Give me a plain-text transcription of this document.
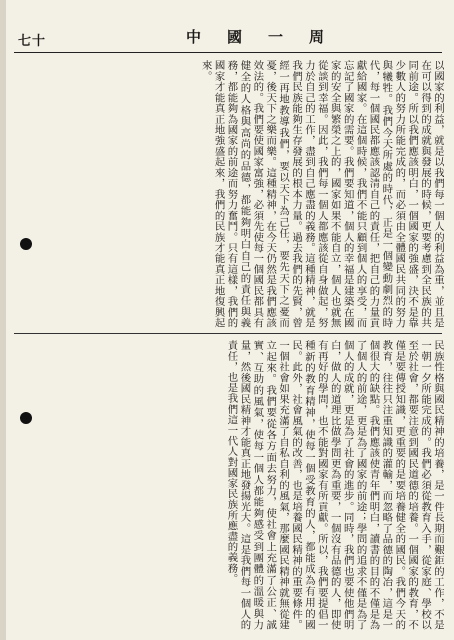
七十	中國一周
以國家的利益，就是以我們每一個人的利益為重，並且是在可以得到的成就與發展的時候，更要考慮到全民族的共同前途。所以我們應該明白，一個國家的強盛，決不是靠少數人的努力所能完成的，而必須由全體國民共同的努力與犧牲。我們今天所處的時代，正是一個變動劇烈的時代，每一個國民都應該認清自己的責任，把自己的力量貢獻給國家。在這個時候，我們不能只顧到個人的享受，而忘記了國家的需要。我們要知道，個人的幸福是建築在國家的安全與繁榮之上的，國家如果不能自立，個人也就無從談到幸福。因此，我們每一個人都應該從自身做起，努力於自己的工作，盡到自己應盡的義務。這種精神，就是我們民族能夠生存發展的根本力量。過去我們的先賢，曾經一再地教導我們，要以天下為己任，要先天下之憂而憂，後天下之樂而樂。這種精神，在今天仍然是我們應該效法的。我們要使國家富強，必須先使每一個國民都具有健全的人格與高尚的品德，都能夠明白自己的責任與義務，都能夠為國家的前途而努力奮鬥。只有這樣，我們的國家才能真正地強盛起來，我們的民族才能真正地復興起來。
民族性格與國民精神的培養，是一件長期而艱鉅的工作，不是一朝一夕所能完成的。我們必須從教育入手，從家庭、學校以至於社會，都要注意到國民道德的培養。一個國家的教育，不僅是要傳授知識，更重要的是要培養健全的國民。我們今天的教育，往往只注重知識的灌輸，而忽略了品德的陶冶，這是一個很大的缺點。我們應該使青年們明白，讀書的目的不僅是為了個人的前途，更是為了國家的前途；學問的追求不僅是為了個人的成就，更是為了社會的進步。同時，我們也要使他們明白，做人的道理比做學問更為重要，一個沒有品德的人，即使有再好的學問，也不能對國家有所貢獻。所以，我們要提倡一種新的教育精神，使每一個受教育的人，都能成為有用的國民。此外，社會風氣的改善，也是培養國民精神的重要條件。一個社會如果充滿了自私自利的風氣，那麼國民精神就無從建立起來。我們要從各方面去努力，使社會上充滿了公正、誠實、互助的風氣，使每一個人都能夠感受到團體的溫暖與力量，然後國民精神才能真正地發揚光大。這是我們每一個人的責任，也是我們這一代人對國家民族所應盡的義務。
